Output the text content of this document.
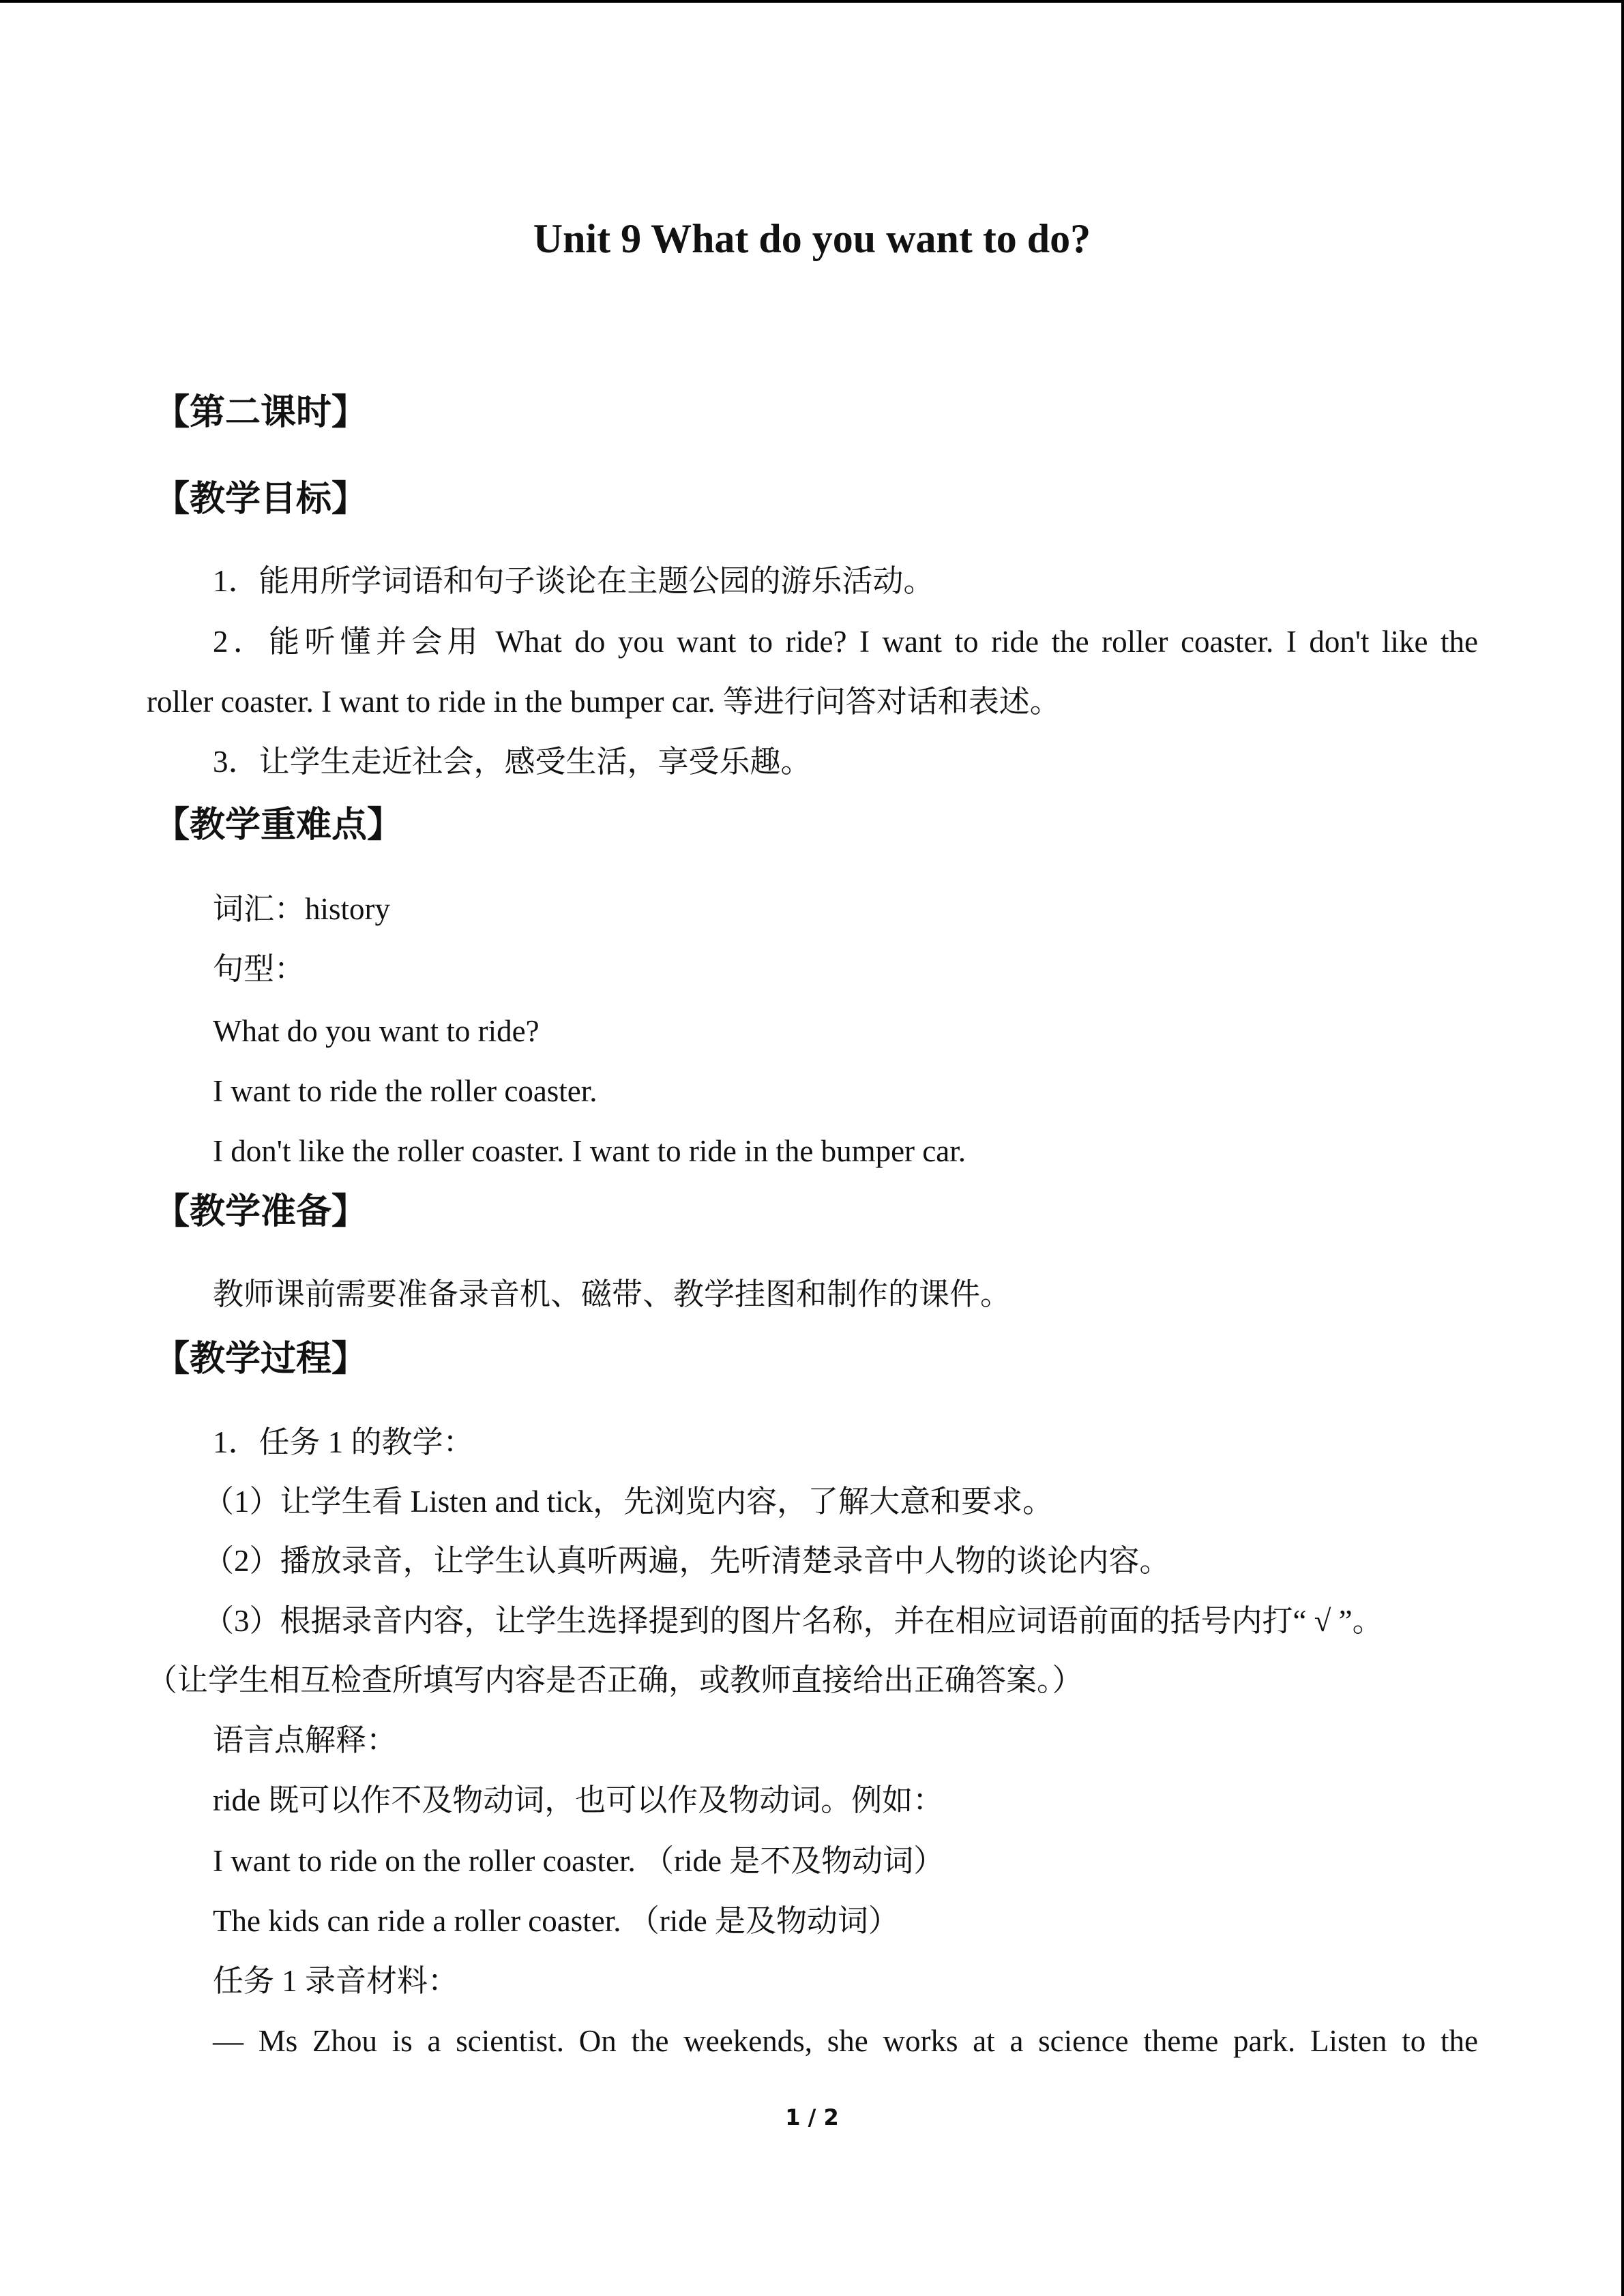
Unit 9 What do you want to do?
【第二课时】
【教学目标】
1．能用所学词语和句子谈论在主题公园的游乐活动。
2．能听懂并会用 What do you want to ride? I want to ride the roller coaster. I don't like the
roller coaster. I want to ride in the bumper car. 等进行问答对话和表述。
3．让学生走近社会，感受生活，享受乐趣。
【教学重难点】
词汇：history
句型：
What do you want to ride?
I want to ride the roller coaster.
I don't like the roller coaster. I want to ride in the bumper car.
【教学准备】
教师课前需要准备录音机、磁带、教学挂图和制作的课件。
【教学过程】
1．任务 1 的教学：
（1）让学生看 Listen and tick，先浏览内容，了解大意和要求。
（2）播放录音，让学生认真听两遍，先听清楚录音中人物的谈论内容。
（3）根据录音内容，让学生选择提到的图片名称，并在相应词语前面的括号内打“ √ ”。
（让学生相互检查所填写内容是否正确，或教师直接给出正确答案。）
语言点解释：
ride 既可以作不及物动词，也可以作及物动词。例如：
I want to ride on the roller coaster. （ride 是不及物动词）
The kids can ride a roller coaster. （ride 是及物动词）
任务 1 录音材料：
— Ms Zhou is a scientist. On the weekends, she works at a science theme park. Listen to the
1 / 2
